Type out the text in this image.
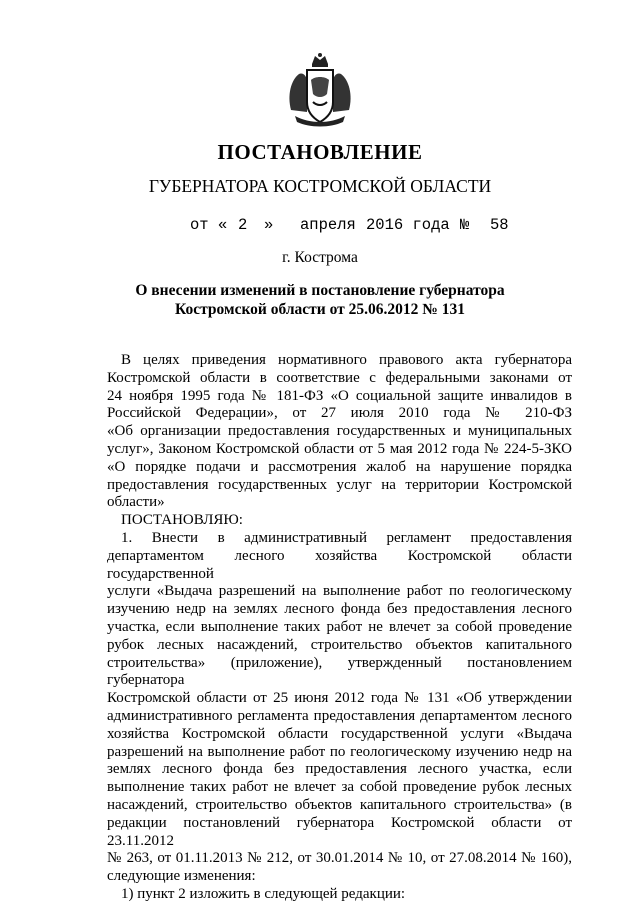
ПОСТАНОВЛЕНИЕ
ГУБЕРНАТОРА КОСТРОМСКОЙ ОБЛАСТИ
от « 2 » апреля 2016 года № 58
г. Кострома
О внесении изменений в постановление губернатора
Костромской области от 25.06.2012 № 131
В целях приведения нормативного правового акта губернатора
Костромской области в соответствие с федеральными законами от
24 ноября 1995 года № 181-ФЗ «О социальной защите инвалидов в
Российской Федерации», от 27 июля 2010 года № 210-ФЗ
«Об организации предоставления государственных и муниципальных
услуг», Законом Костромской области от 5 мая 2012 года № 224-5-ЗКО
«О порядке подачи и рассмотрения жалоб на нарушение порядка
предоставления государственных услуг на территории Костромской
области»
ПОСТАНОВЛЯЮ:
1. Внести в административный регламент предоставления
департаментом лесного хозяйства Костромской области государственной
услуги «Выдача разрешений на выполнение работ по геологическому
изучению недр на землях лесного фонда без предоставления лесного
участка, если выполнение таких работ не влечет за собой проведение
рубок лесных насаждений, строительство объектов капитального
строительства» (приложение), утвержденный постановлением губернатора
Костромской области от 25 июня 2012 года № 131 «Об утверждении
административного регламента предоставления департаментом лесного
хозяйства Костромской области государственной услуги «Выдача
разрешений на выполнение работ по геологическому изучению недр на
землях лесного фонда без предоставления лесного участка, если
выполнение таких работ не влечет за собой проведение рубок лесных
насаждений, строительство объектов капитального строительства» (в
редакции постановлений губернатора Костромской области от 23.11.2012
№ 263, от 01.11.2013 № 212, от 30.01.2014 № 10, от 27.08.2014 № 160),
следующие изменения:
1) пункт 2 изложить в следующей редакции:
